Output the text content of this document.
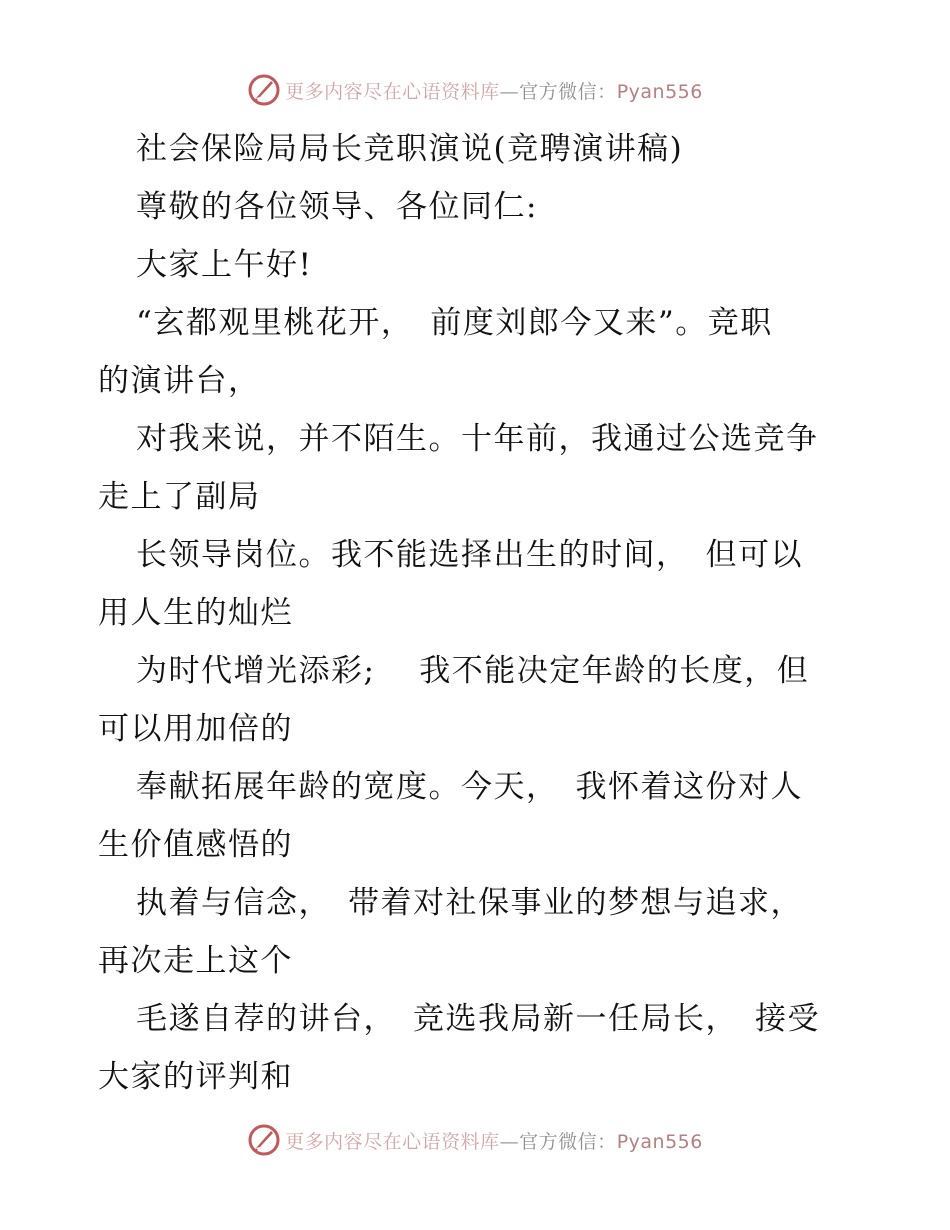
更多内容尽在心语资料库—官方微信：Pyan556
社会保险局局长竞职演说(竞聘演讲稿)
尊敬的各位领导、各位同仁:
大家上午好!
“玄都观里桃花开，　前度刘郎今又来”。竞职
的演讲台，
对我来说，并不陌生。十年前，我通过公选竞争
走上了副局
长领导岗位。我不能选择出生的时间，　但可以
用人生的灿烂
为时代增光添彩;　 我不能决定年龄的长度，但
可以用加倍的
奉献拓展年龄的宽度。今天，　我怀着这份对人
生价值感悟的
执着与信念，　带着对社保事业的梦想与追求，
再次走上这个
毛遂自荐的讲台，　竞选我局新一任局长，　接受
大家的评判和
更多内容尽在心语资料库—官方微信：Pyan556
